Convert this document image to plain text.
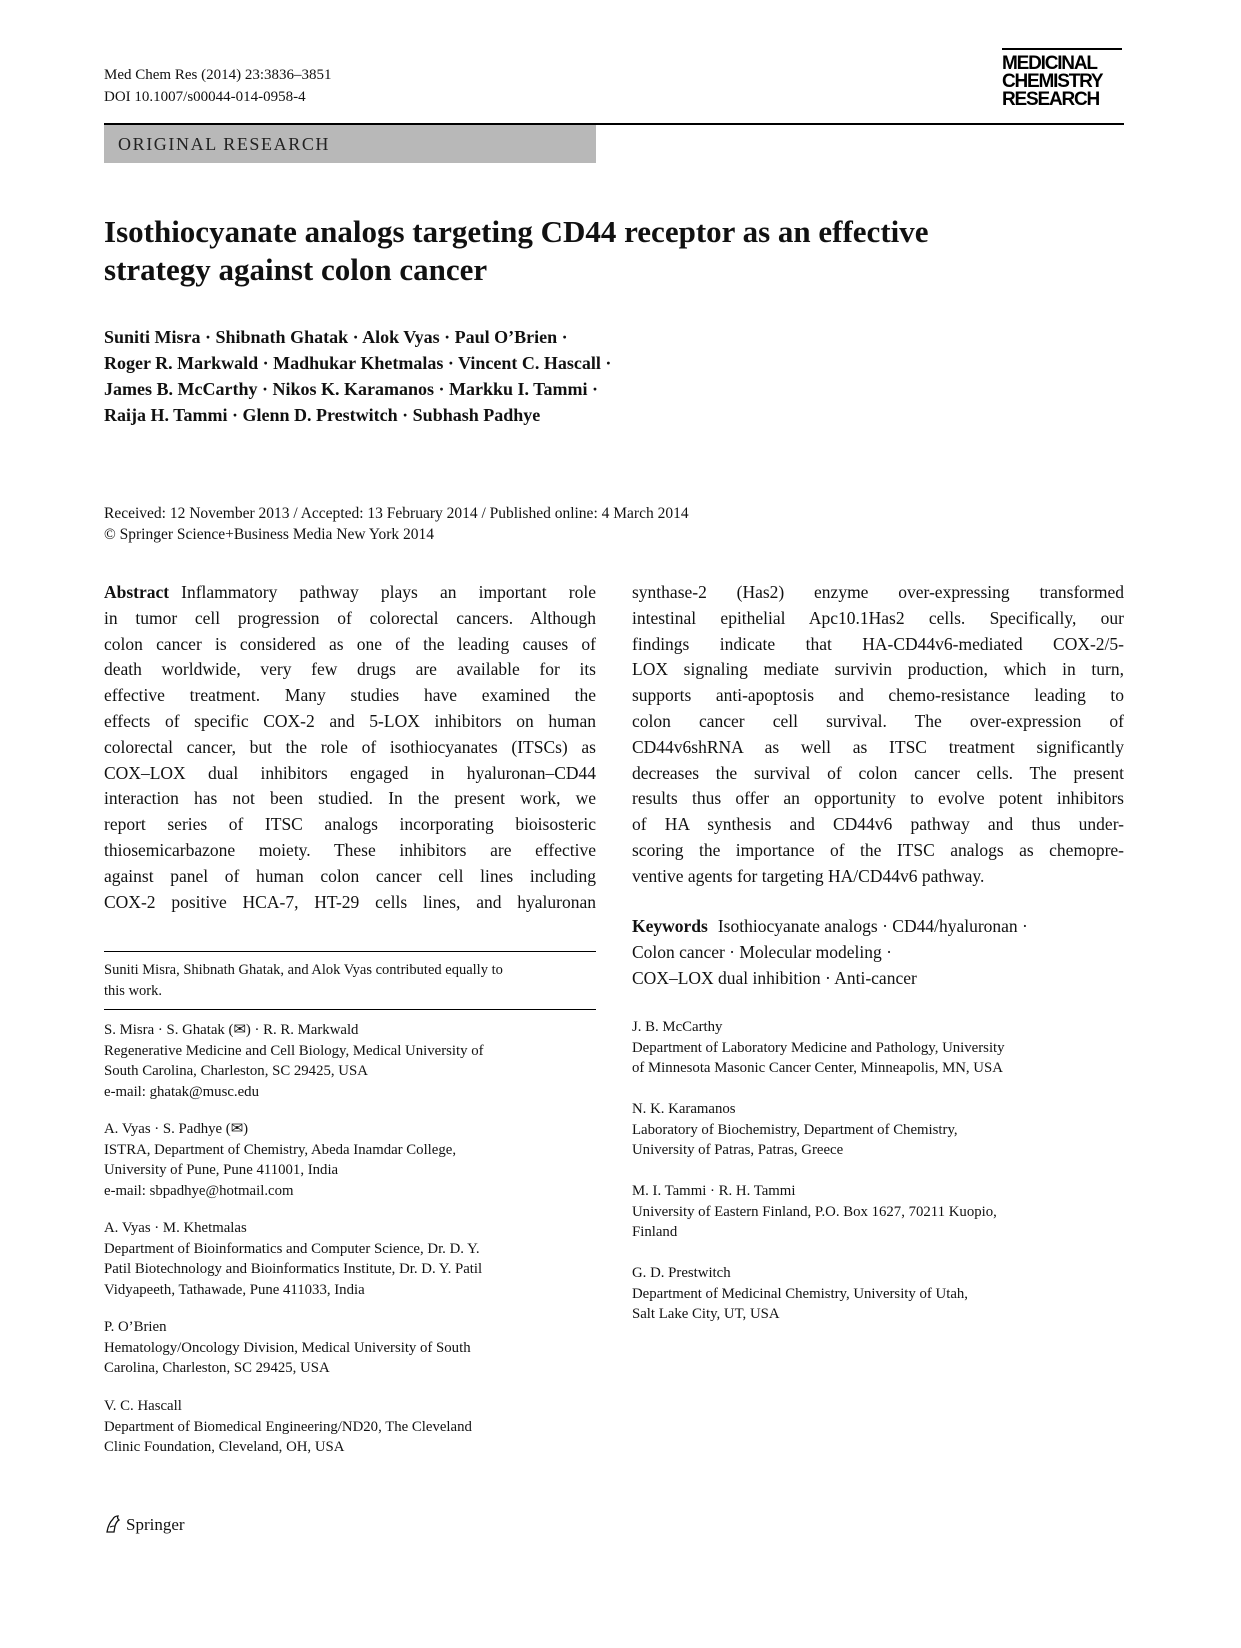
Med Chem Res (2014) 23:3836–3851
DOI 10.1007/s00044-014-0958-4
MEDICINAL
CHEMISTRY
RESEARCH
ORIGINAL RESEARCH
Isothiocyanate analogs targeting CD44 receptor as an effective
strategy against colon cancer
Suniti Misra · Shibnath Ghatak · Alok Vyas · Paul O’Brien ·
Roger R. Markwald · Madhukar Khetmalas · Vincent C. Hascall ·
James B. McCarthy · Nikos K. Karamanos · Markku I. Tammi ·
Raija H. Tammi · Glenn D. Prestwitch · Subhash Padhye
Received: 12 November 2013 / Accepted: 13 February 2014 / Published online: 4 March 2014
© Springer Science+Business Media New York 2014
Abstract Inflammatory pathway plays an important role
in tumor cell progression of colorectal cancers. Although
colon cancer is considered as one of the leading causes of
death worldwide, very few drugs are available for its
effective treatment. Many studies have examined the
effects of specific COX-2 and 5-LOX inhibitors on human
colorectal cancer, but the role of isothiocyanates (ITSCs) as
COX–LOX dual inhibitors engaged in hyaluronan–CD44
interaction has not been studied. In the present work, we
report series of ITSC analogs incorporating bioisosteric
thiosemicarbazone moiety. These inhibitors are effective
against panel of human colon cancer cell lines including
COX-2 positive HCA-7, HT-29 cells lines, and hyaluronan
synthase-2 (Has2) enzyme over-expressing transformed
intestinal epithelial Apc10.1Has2 cells. Specifically, our
findings indicate that HA-CD44v6-mediated COX-2/5-
LOX signaling mediate survivin production, which in turn,
supports anti-apoptosis and chemo-resistance leading to
colon cancer cell survival. The over-expression of
CD44v6shRNA as well as ITSC treatment significantly
decreases the survival of colon cancer cells. The present
results thus offer an opportunity to evolve potent inhibitors
of HA synthesis and CD44v6 pathway and thus under-
scoring the importance of the ITSC analogs as chemopre-
ventive agents for targeting HA/CD44v6 pathway.
Keywords Isothiocyanate analogs · CD44/hyaluronan ·
Colon cancer · Molecular modeling ·
COX–LOX dual inhibition · Anti-cancer
Suniti Misra, Shibnath Ghatak, and Alok Vyas contributed equally to
this work.
S. Misra · S. Ghatak (✉) · R. R. Markwald
Regenerative Medicine and Cell Biology, Medical University of
South Carolina, Charleston, SC 29425, USA
e-mail: ghatak@musc.edu
A. Vyas · S. Padhye (✉)
ISTRA, Department of Chemistry, Abeda Inamdar College,
University of Pune, Pune 411001, India
e-mail: sbpadhye@hotmail.com
A. Vyas · M. Khetmalas
Department of Bioinformatics and Computer Science, Dr. D. Y.
Patil Biotechnology and Bioinformatics Institute, Dr. D. Y. Patil
Vidyapeeth, Tathawade, Pune 411033, India
P. O’Brien
Hematology/Oncology Division, Medical University of South
Carolina, Charleston, SC 29425, USA
V. C. Hascall
Department of Biomedical Engineering/ND20, The Cleveland
Clinic Foundation, Cleveland, OH, USA
J. B. McCarthy
Department of Laboratory Medicine and Pathology, University
of Minnesota Masonic Cancer Center, Minneapolis, MN, USA
N. K. Karamanos
Laboratory of Biochemistry, Department of Chemistry,
University of Patras, Patras, Greece
M. I. Tammi · R. H. Tammi
University of Eastern Finland, P.O. Box 1627, 70211 Kuopio,
Finland
G. D. Prestwitch
Department of Medicinal Chemistry, University of Utah,
Salt Lake City, UT, USA
Springer
